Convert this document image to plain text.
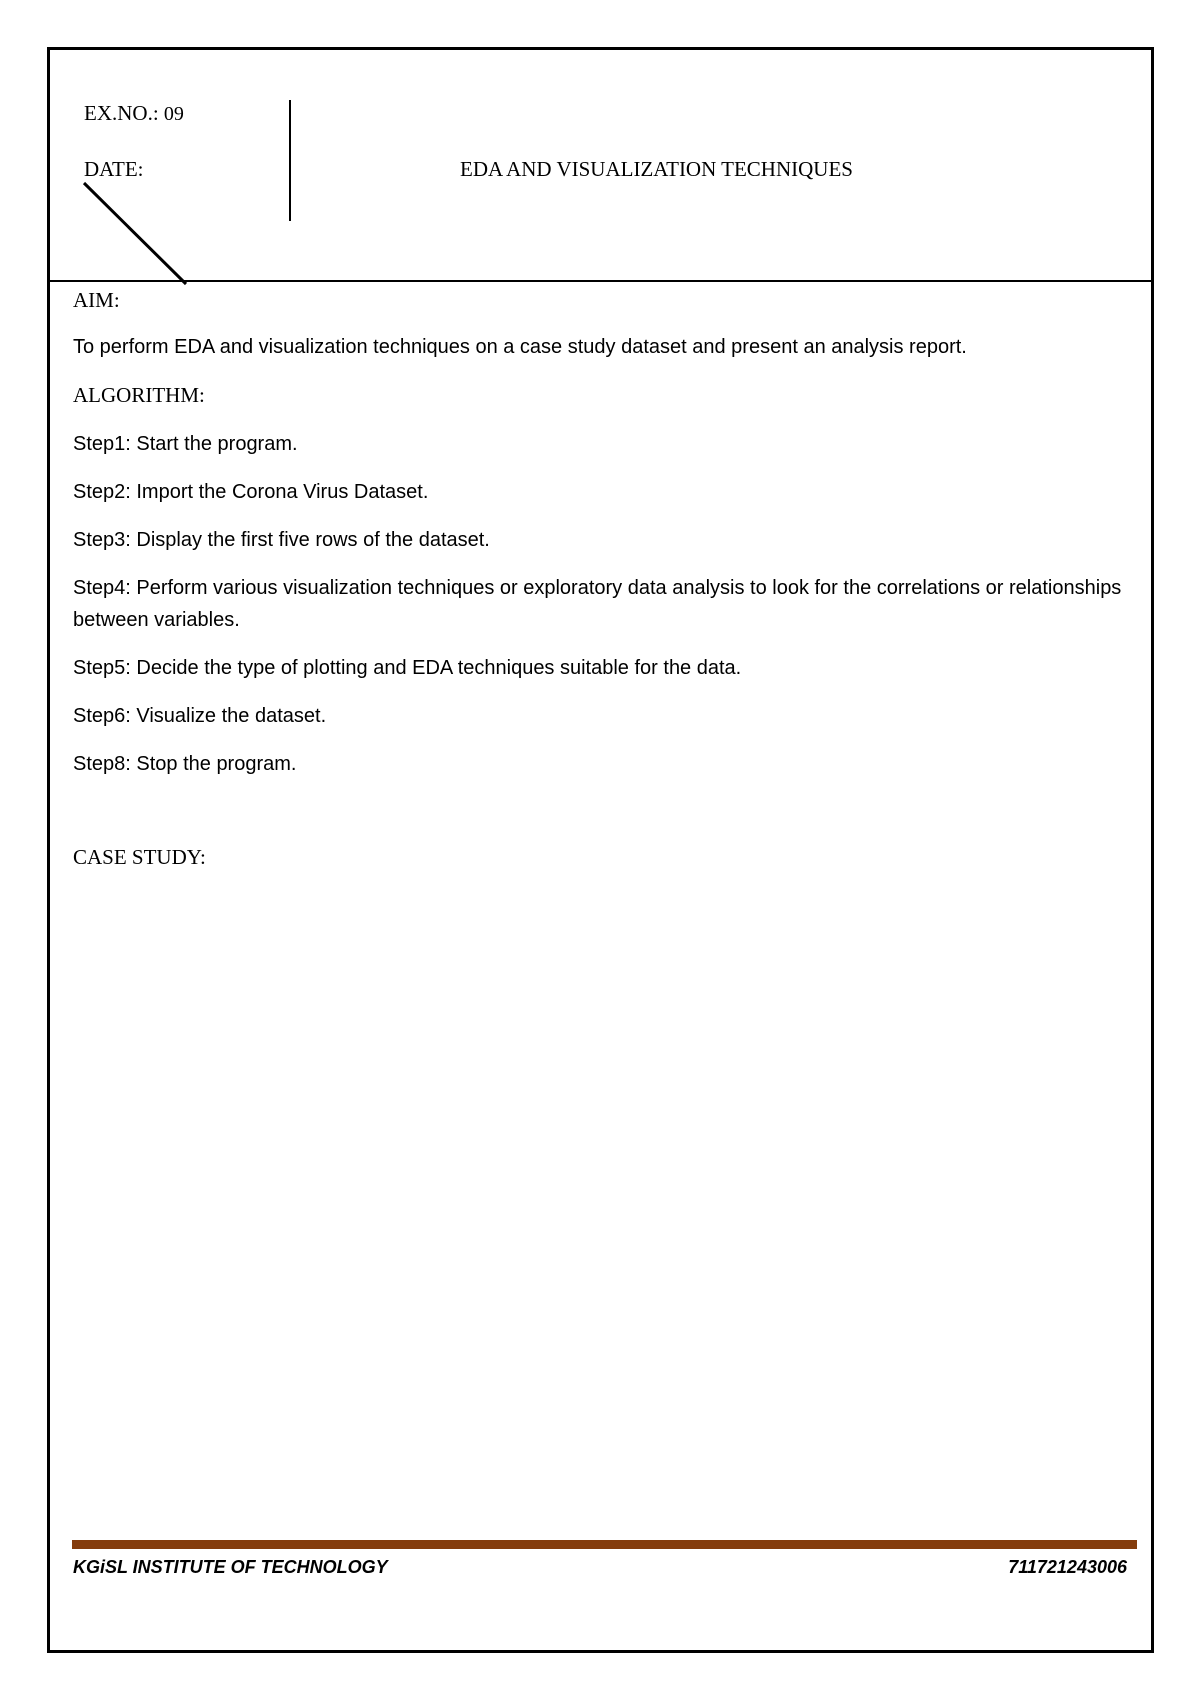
EX.NO.: 09
DATE:	EDA AND VISUALIZATION TECHNIQUES
AIM:
To perform EDA and visualization techniques on a case study dataset and present an analysis report.
ALGORITHM:
Step1: Start the program.
Step2: Import the Corona Virus Dataset.
Step3: Display the first five rows of the dataset.
Step4: Perform various visualization techniques or exploratory data analysis to look for the correlations or relationships between variables.
Step5: Decide the type of plotting and EDA techniques suitable for the data.
Step6: Visualize the dataset.
Step8: Stop the program.
CASE STUDY:
KGiSL INSTITUTE OF TECHNOLOGY	711721243006
